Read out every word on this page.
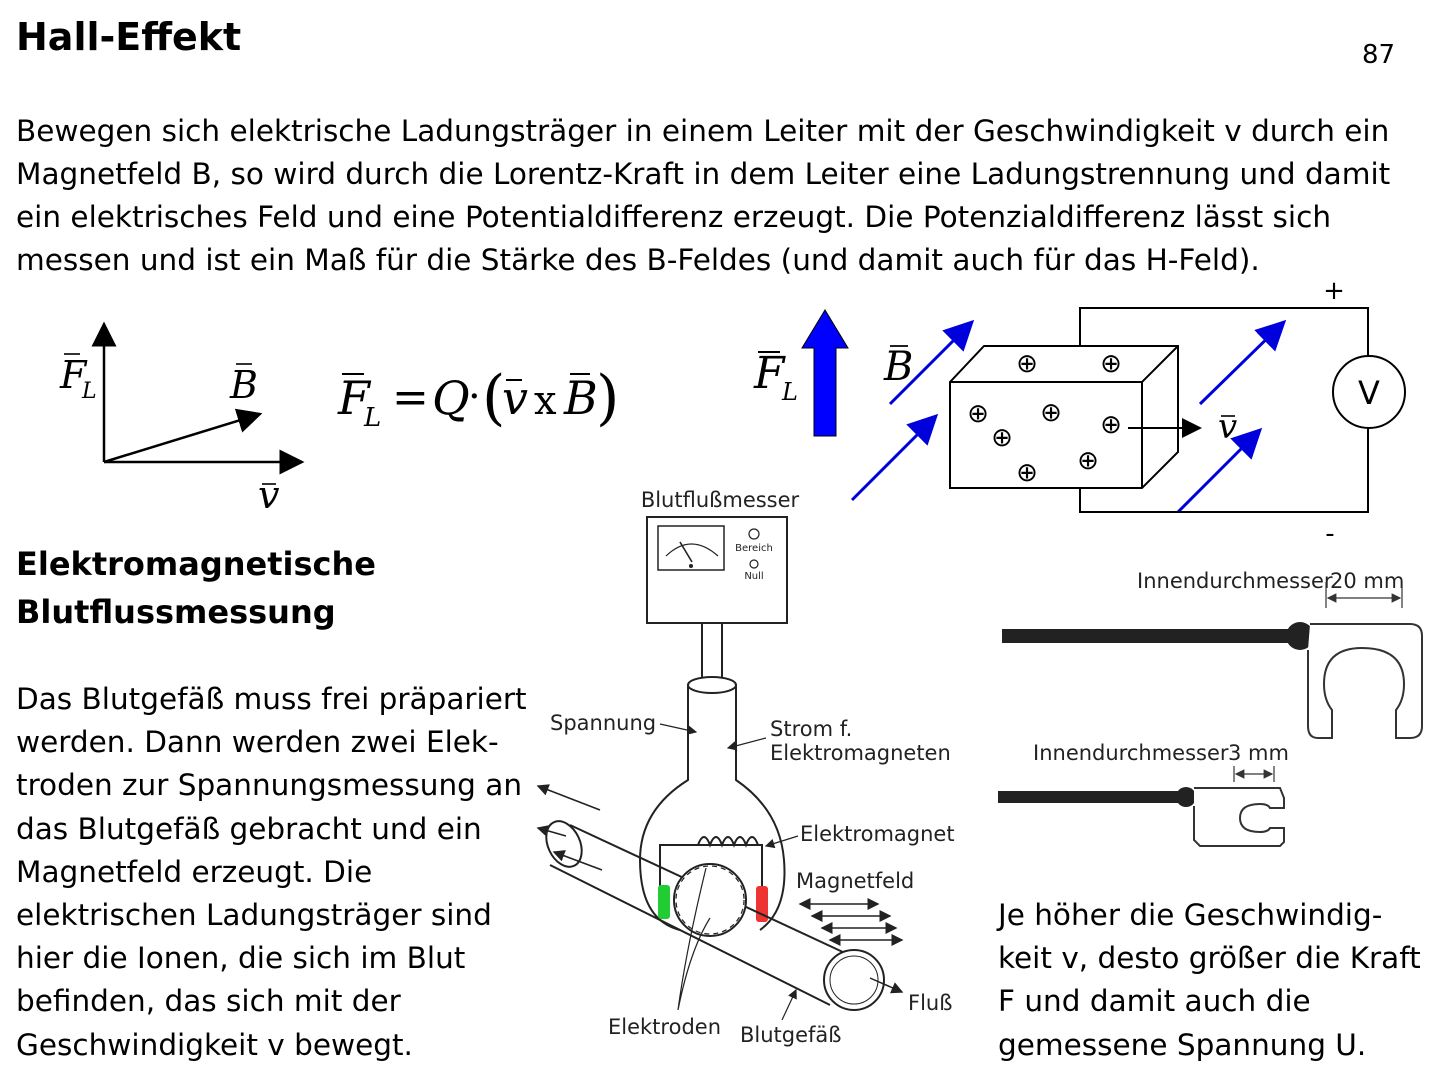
Hall-Effekt	87
Bewegen sich elektrische Ladungsträger in einem Leiter mit der Geschwindigkeit v durch ein
Magnetfeld B, so wird durch die Lorentz-Kraft in dem Leiter eine Ladungstrennung und damit
ein elektrisches Feld und eine Potentialdifferenz erzeugt. Die Potenzialdifferenz lässt sich
messen und ist ein Maß für die Stärke des B-Feldes (und damit auch für das H-Feld).
F
L	B
v
F
L = Q
· (
v x B
)	F
L
B	⊕ ⊕
⊕ ⊕ ⊕
⊕
⊕
⊕
v
V
+
-
Elektromagnetische
Blutflussmessung
Das Blutgefäß muss frei präpariert
werden. Dann werden zwei Elek-
troden zur Spannungsmessung an
das Blutgefäß gebracht und ein
Magnetfeld erzeugt. Die
elektrischen Ladungsträger sind
hier die Ionen, die sich im Blut
befinden, das sich mit der
Geschwindigkeit v bewegt.
Blutflußmesser
Bereich
Null
Spannung	Strom f.
Elektromagneten
Elektromagnet
Magnetfeld
Elektroden Blutgefäß
Fluß
Innendurchmesser
20 mm
Innendurchmesser 3 mm
Je höher die Geschwindig-
keit v, desto größer die Kraft
F und damit auch die
gemessene Spannung U.
